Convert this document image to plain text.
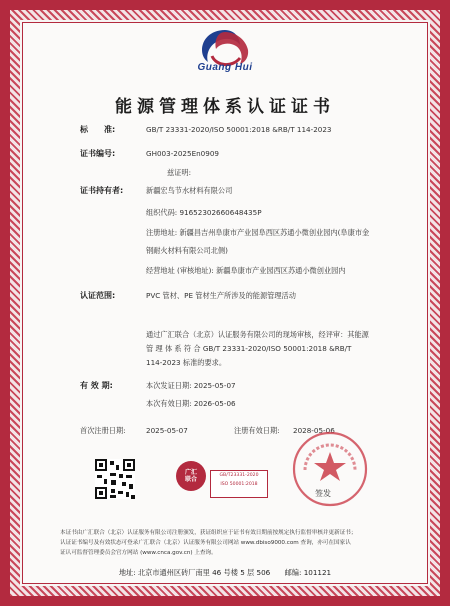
Guang Hui
能源管理体系认证证书
标　　准:	GB/T 23331-2020/ISO 50001:2018 &RB/T 114-2023
证书编号:	GH003-2025En0909
兹证明:
证书持有者:	新疆宏鸟节水材料有限公司
组织代码: 91652302660648435P
注册地址: 新疆昌吉州阜康市产业园阜西区苏通小微创业园内(阜康市金
钢耐火材料有限公司北侧)
经营地址 (审核地址): 新疆阜康市产业园西区苏通小微创业园内
认证范围:	PVC 管材、PE 管材生产所涉及的能源管理活动
通过广汇联合（北京）认证服务有限公司的现场审核，经评审：其能源
管 理 体 系 符 合 GB/T 23331-2020/ISO 50001:2018 &RB/T
114-2023 标准的要求。
有 效 期:	本次发证日期: 2025-05-07
本次有效日期: 2026-05-06
首次注册日期:	2025-05-07	注册有效日期: 2028-05-06
广汇
联合
GB/T23331-2020
ISO 50001:2018
签发
本证书由广汇联合（北京）认证服务有限公司注册颁发，获证组织应于证书有效日期前按规定执行监督审核并更新证书；
认证证书编号及有效状态可登录广汇联合（北京）认证服务有限公司网站 www.dbiso9000.com 查询，亦可在国家认
证认可监督管理委员会官方网站 (www.cnca.gov.cn) 上查询。
地址: 北京市通州区砖厂南里 46 号楼 5 层 506　　邮编: 101121
